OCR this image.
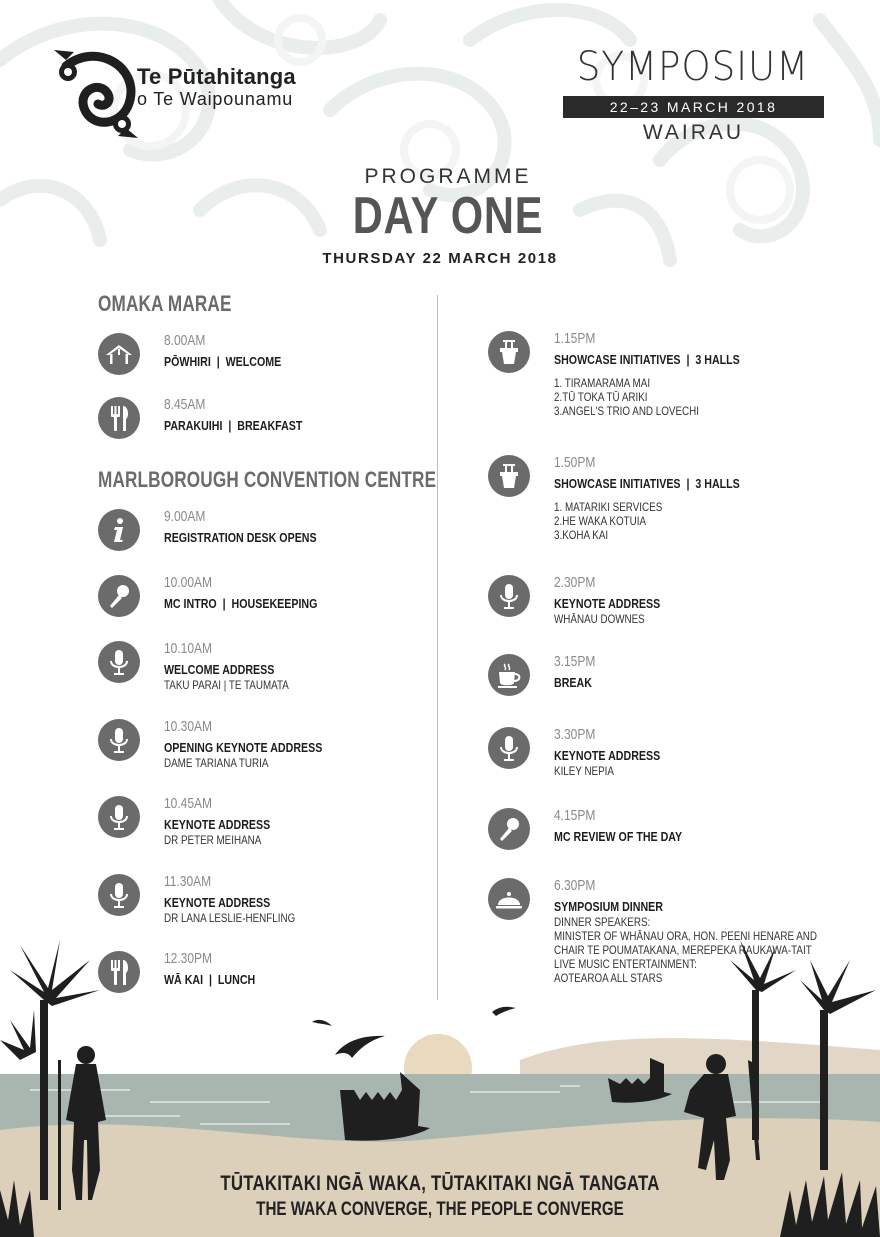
Te Pūtahitanga
o Te Waipounamu
SYMPOSIUM
22–23 MARCH 2018
WAIRAU
PROGRAMME
DAY ONE
THURSDAY 22 MARCH 2018
OMAKA MARAE
MARLBOROUGH CONVENTION CENTRE
8.00AM
PŌWHIRI  |  WELCOME
8.45AM
PARAKUIHI  |  BREAKFAST
9.00AM
REGISTRATION DESK OPENS
10.00AM
MC INTRO  |  HOUSEKEEPING
10.10AM
WELCOME ADDRESS
TAKU PARAI | TE TAUMATA
10.30AM
OPENING KEYNOTE ADDRESS
DAME TARIANA TURIA
10.45AM
KEYNOTE ADDRESS
DR PETER MEIHANA
11.30AM
KEYNOTE ADDRESS
DR LANA LESLIE-HENFLING
12.30PM
WĀ KAI  |  LUNCH
1.15PM
SHOWCASE INITIATIVES  |  3 HALLS
1. TIRAMARAMA MAI
2.TŪ TOKA TŪ ARIKI
3.ANGEL'S TRIO AND LOVECHI
1.50PM
SHOWCASE INITIATIVES  |  3 HALLS
1. MATARIKI SERVICES
2.HE WAKA KOTUIA
3.KOHA KAI
2.30PM
KEYNOTE ADDRESS
WHĀNAU DOWNES
3.15PM
BREAK
3.30PM
KEYNOTE ADDRESS
KILEY NEPIA
4.15PM
MC REVIEW OF THE DAY
6.30PM
SYMPOSIUM DINNER
DINNER SPEAKERS:
MINISTER OF WHĀNAU ORA, HON. PEENI HENARE AND
CHAIR TE POUMATAKANA, MEREPEKA RAUKAWA-TAIT
LIVE MUSIC ENTERTAINMENT:
AOTEAROA ALL STARS
TŪTAKITAKI NGĀ WAKA, TŪTAKITAKI NGĀ TANGATA
THE WAKA CONVERGE, THE PEOPLE CONVERGE
